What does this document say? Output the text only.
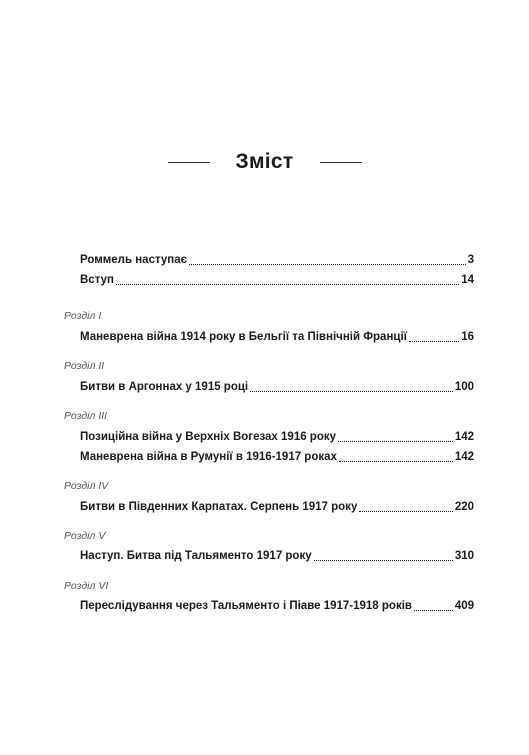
Зміст
Роммель наступає	3
Вступ	14
Розділ I
Маневрена війна 1914 року в Бельгії та Північній Франції	16
Розділ II
Битви в Аргоннах у 1915 році	100
Розділ III
Позиційна війна у Верхніх Вогезах 1916 року	142
Маневрена війна в Румунії в 1916-1917 роках	142
Розділ IV
Битви в Південних Карпатах. Серпень 1917 року	220
Розділ V
Наступ. Битва під Тальяменто 1917 року	310
Розділ VI
Переслідування через Тальяменто і Піаве 1917-1918 років	409
